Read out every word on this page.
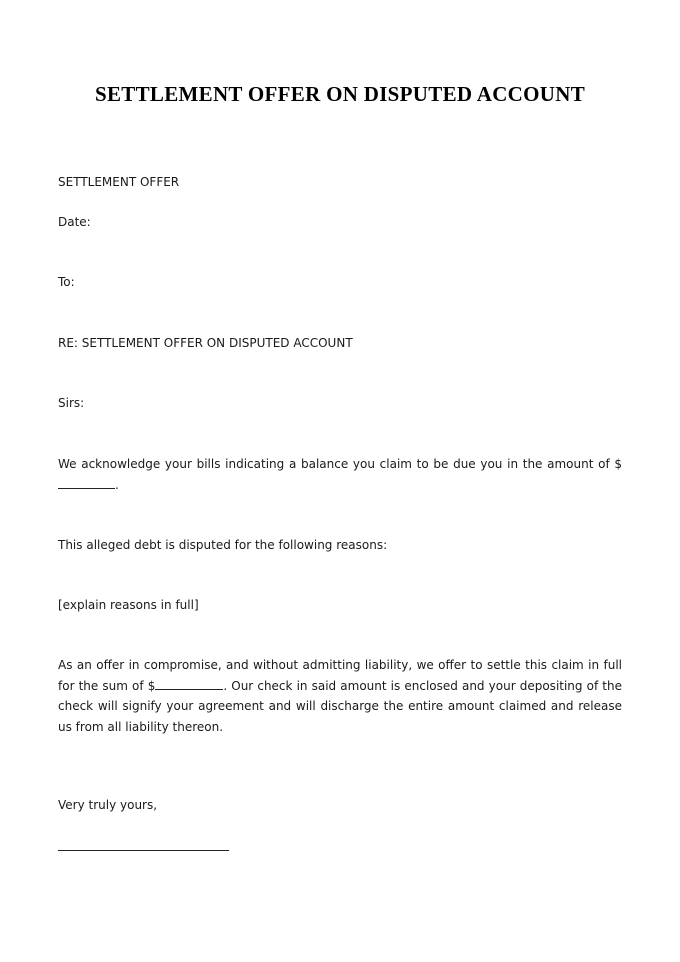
SETTLEMENT OFFER ON DISPUTED ACCOUNT

SETTLEMENT OFFER

Date:

To:

RE: SETTLEMENT OFFER ON DISPUTED ACCOUNT

Sirs:

We acknowledge your bills indicating a balance you claim to be due you in the amount of $ .

This alleged debt is disputed for the following reasons:

[explain reasons in full]

As an offer in compromise, and without admitting liability, we offer to settle this claim in full for the sum of $	. Our check in said amount is enclosed and your depositing of the check will signify your agreement and will discharge the entire amount claimed and release us from all liability thereon.

Very truly yours,
